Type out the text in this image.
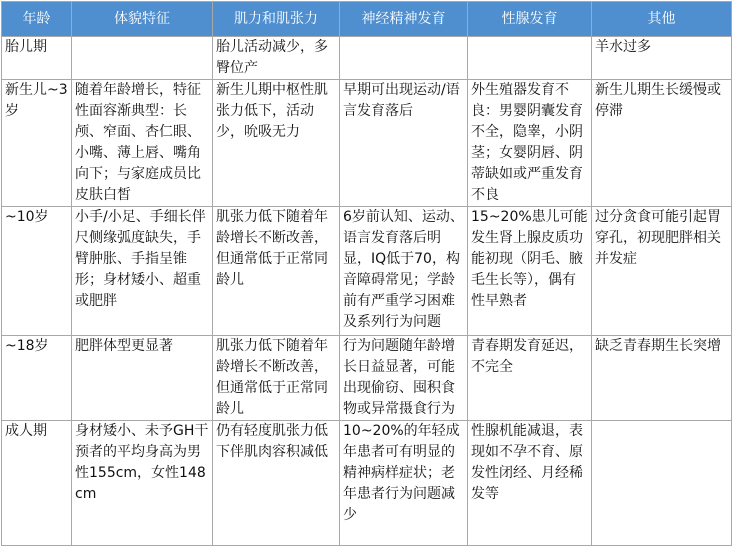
年龄	体貌特征	肌力和肌张力	神经精神发育	性腺发育	其他
胎儿期		胎儿活动减少，多臀位产			羊水过多
新生儿~3岁	随着年龄增长，特征性面容渐典型：长颅、窄面、杏仁眼、小嘴、薄上唇、嘴角向下；与家庭成员比皮肤白皙	新生儿期中枢性肌张力低下，活动少，吮吸无力	早期可出现运动/语言发育落后	外生殖器发育不良：男婴阴囊发育不全，隐睾，小阴茎；女婴阴唇、阴蒂缺如或严重发育不良	新生儿期生长缓慢或停滞
~10岁	小手/小足、手细长伴尺侧缘弧度缺失，手臂肿胀、手指呈锥形；身材矮小、超重或肥胖	肌张力低下随着年龄增长不断改善，但通常低于正常同龄儿	6岁前认知、运动、语言发育落后明显，IQ低于70，构音障碍常见；学龄前有严重学习困难及系列行为问题	15~20%患儿可能发生肾上腺皮质功能初现（阴毛、腋毛生长等），偶有性早熟者	过分贪食可能引起胃穿孔，初现肥胖相关并发症
~18岁	肥胖体型更显著	肌张力低下随着年龄增长不断改善，但通常低于正常同龄儿	行为问题随年龄增长日益显著，可能出现偷窃、囤积食物或异常摄食行为	青春期发育延迟，不完全	缺乏青春期生长突增
成人期	身材矮小、未予GH干预者的平均身高为男性155cm，女性148cm	仍有轻度肌张力低下伴肌肉容积减低	10~20%的年轻成年患者可有明显的精神病样症状；老年患者行为问题减少	性腺机能减退，表现如不孕不育、原发性闭经、月经稀发等	
